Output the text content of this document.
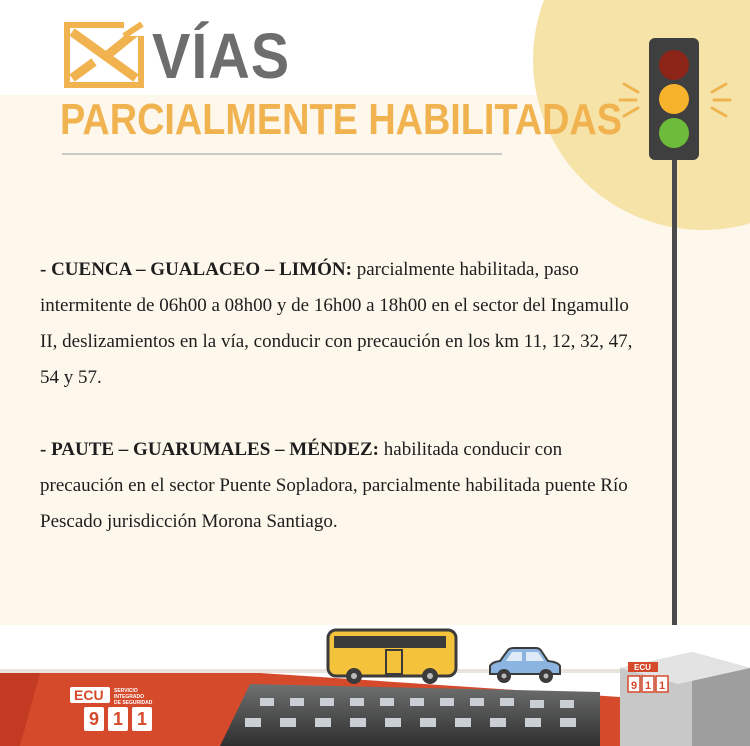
VÍAS
PARCIALMENTE HABILITADAS

- CUENCA – GUALACEO – LIMÓN: parcialmente habilitada, paso intermitente de 06h00 a 08h00 y de 16h00 a 18h00 en el sector del Ingamullo II, deslizamientos en la vía, conducir con precaución en los km 11, 12, 32, 47, 54 y 57.

- PAUTE – GUARUMALES – MÉNDEZ: habilitada conducir con precaución en el sector Puente Sopladora, parcialmente habilitada puente Río Pescado jurisdicción Morona Santiago.

ECU
9 1 1
ECU SERVICIO
INTEGRADO
DE SEGURIDAD
9 1 1
